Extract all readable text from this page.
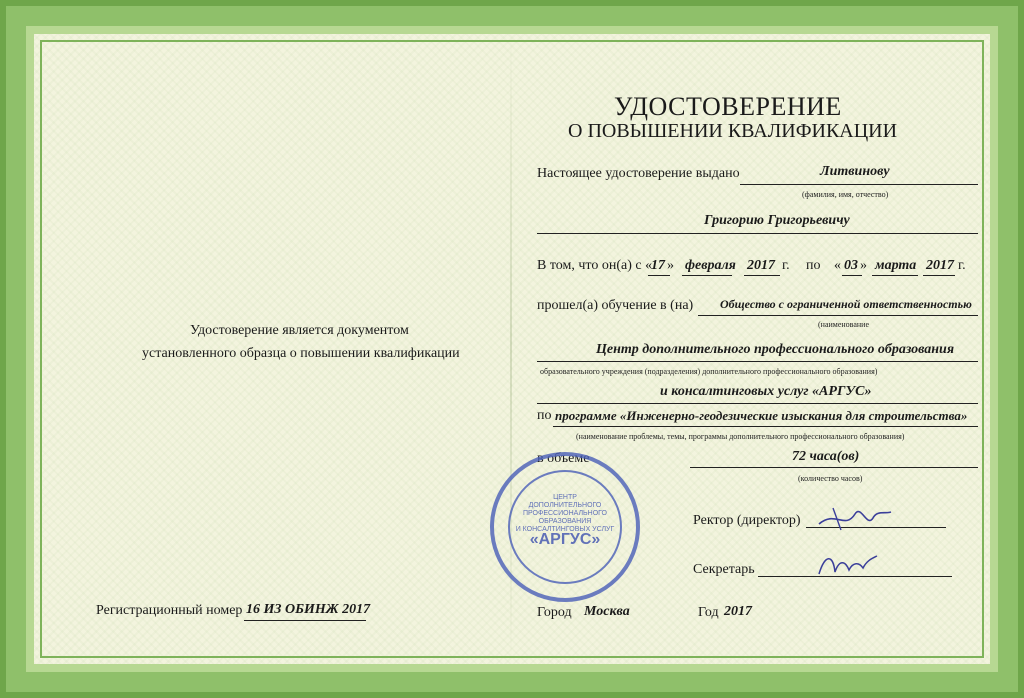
Удостоверение является документом
установленного образца о повышении квалификации
Регистрационный номер 16 ИЗ ОБИНЖ 2017
УДОСТОВЕРЕНИЕ
О ПОВЫШЕНИИ КВАЛИФИКАЦИИ
Настоящее удостоверение выдано	Литвинову
(фамилия, имя, отчество)
Григорию Григорьевичу
В том, что он(а) с «
17 » февраля 2017 г. по « 03 » марта 2017 г.
прошел(а) обучение в (на) Общество с ограниченной ответственностью
(наименование
Центр дополнительного профессионального образования
образовательного учреждения (подразделения) дополнительного профессионального образования)
и консалтинговых услуг «АРГУС»
по программе «Инженерно-геодезические изыскания для строительства»
(наименование проблемы, темы, программы дополнительного профессионального образования)
в объеме	72 часа(ов)
(количество часов)
ЦЕНТР
ДОПОЛНИТЕЛЬНОГО
ПРОФЕССИОНАЛЬНОГО
ОБРАЗОВАНИЯ
И КОНСАЛТИНГОВЫХ УСЛУГ
«АРГУС»
Ректор (директор)
Секретарь
Город Москва	Год 2017
